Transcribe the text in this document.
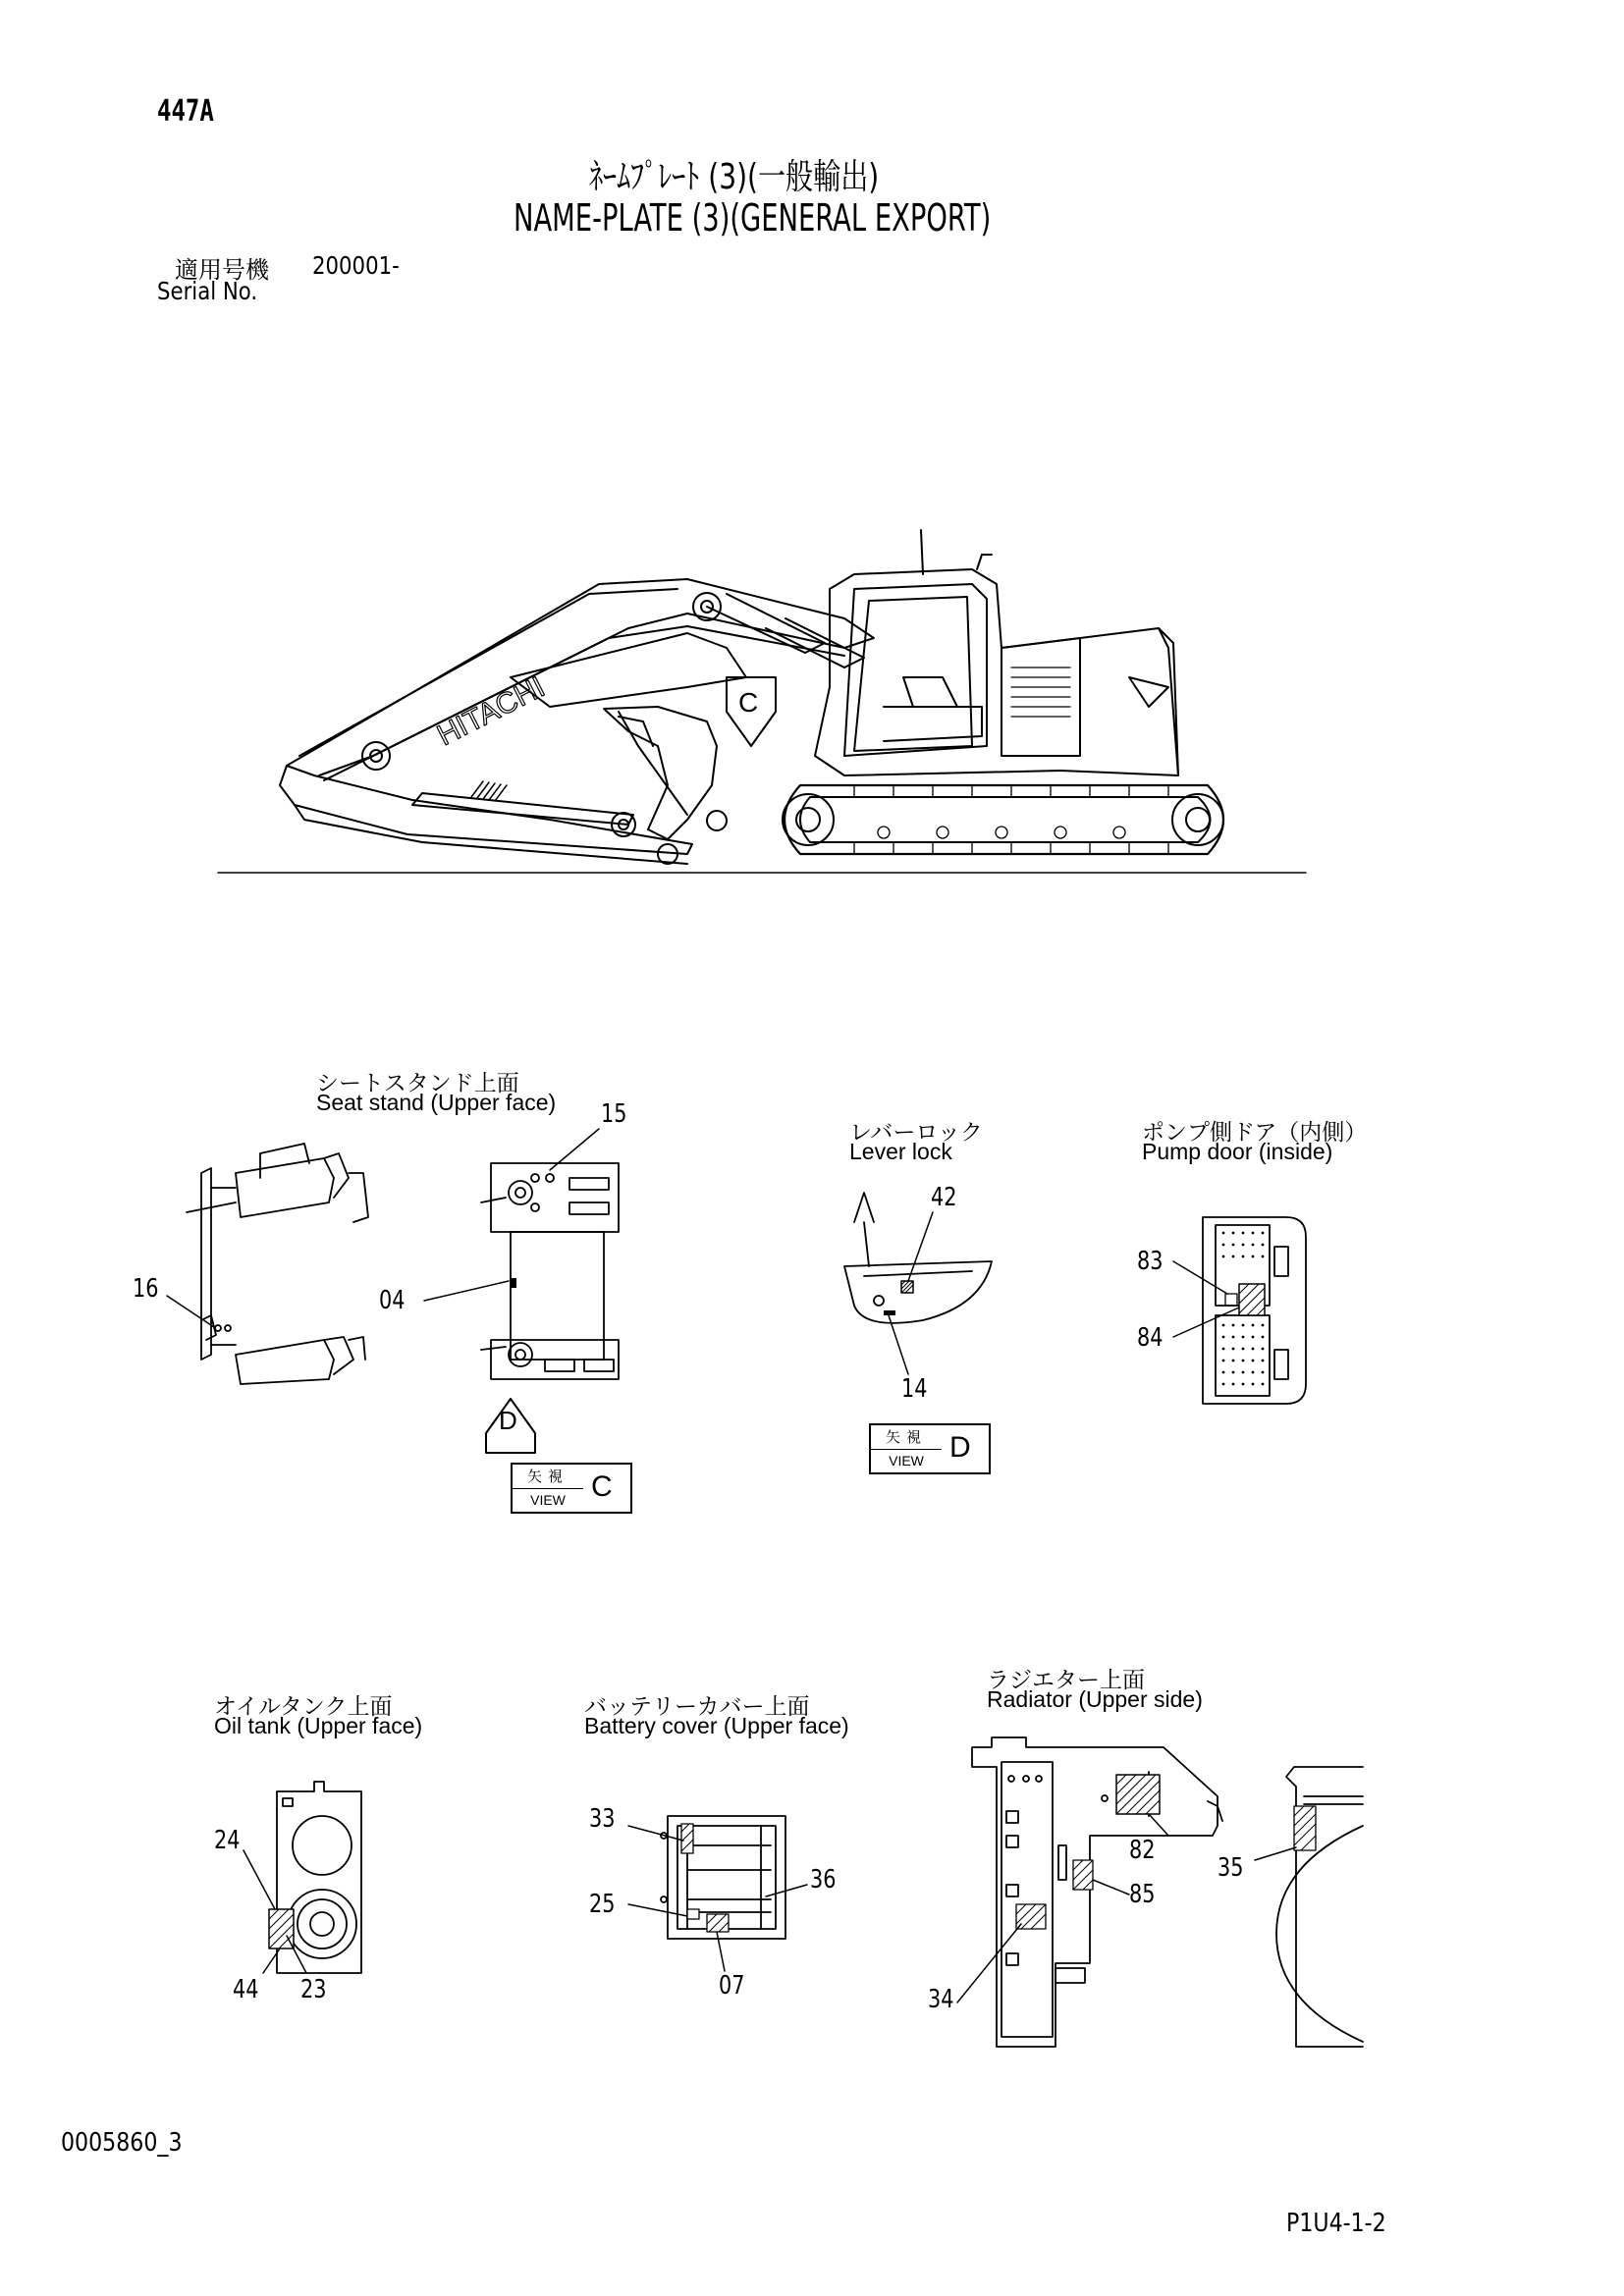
447A
ﾈｰﾑﾌﾟﾚｰﾄ (3)(一般輸出)
NAME-PLATE (3)(GENERAL EXPORT)
適用号機 200001-
Serial No.
HITACHI	C
シートスタンド上面
Seat stand (Upper face) 15
16	04
D
矢視
VIEW C
レバーロック
Lever lock
42
14
矢視
VIEW D
ポンプ側ドア（内側）
Pump door (inside)
83
84
オイルタンク上面
Oil tank (Upper face)
24
44 23
バッテリーカバー上面
Battery cover (Upper face)
33
25
36
07
ラジエター上面
Radiator (Upper side)
82
85
34
35
0005860_3
P1U4-1-2
